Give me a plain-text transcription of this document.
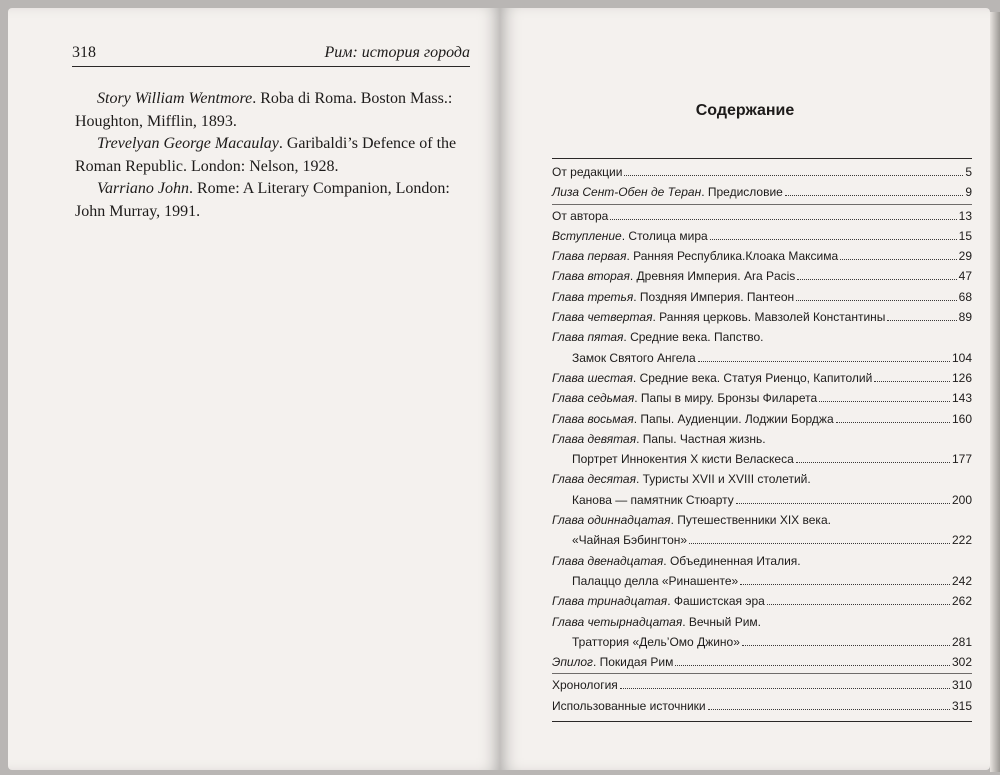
318	Рим: история города

Story William Wentmore. Roba di Roma. Boston Mass.: Houghton, Mifflin, 1893.

Trevelyan George Macaulay. Garibaldi’s Defence of the Roman Republic. London: Nelson, 1928.

Varriano John. Rome: A Literary Companion, London: John Murray, 1991.

Содержание
От редакции	5
Лиза Сент-Обен де Теран. Предисловие	9
От автора	13
Вступление. Столица мира	15
Глава первая. Ранняя Республика.Клоака Максима	29
Глава вторая. Древняя Империя. Ara Pacis	47
Глава третья. Поздняя Империя. Пантеон	68
Глава четвертая. Ранняя церковь. Мавзолей Константины	89
Глава пятая. Средние века. Папство.
Замок Святого Ангела	104
Глава шестая. Средние века. Статуя Риенцо, Капитолий	126
Глава седьмая. Папы в миру. Бронзы Филарета	143
Глава восьмая. Папы. Аудиенции. Лоджии Борджа	160
Глава девятая. Папы. Частная жизнь.
Портрет Иннокентия X кисти Веласкеса	177
Глава десятая. Туристы XVII и XVIII столетий.
Канова — памятник Стюарту	200
Глава одиннадцатая. Путешественники XIX века.
«Чайная Бэбингтон»	222
Глава двенадцатая. Объединенная Италия.
Палаццо делла «Ринашенте»	242
Глава тринадцатая. Фашистская эра	262
Глава четырнадцатая. Вечный Рим.
Траттория «Дель’Омо Джино»	281
Эпилог. Покидая Рим	302
Хронология	310
Использованные источники	315
